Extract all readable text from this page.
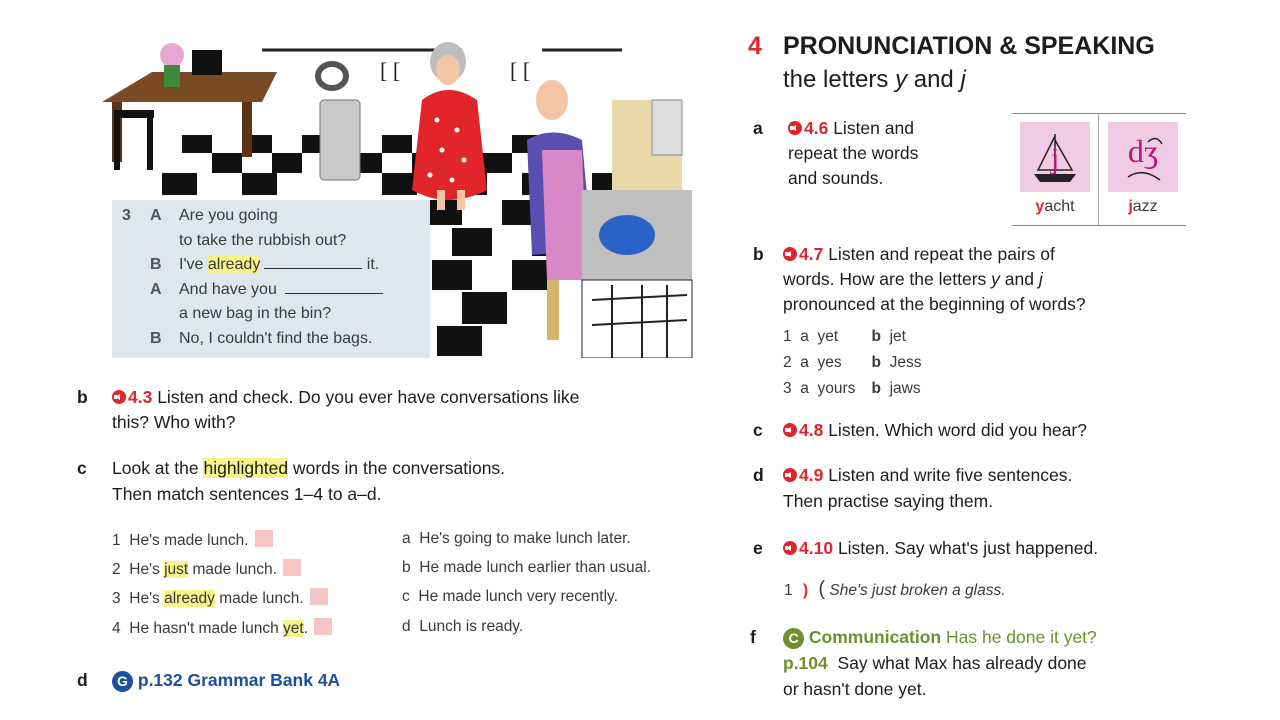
[ [	[ [
3 A Are you going
to take the rubbish out?
B I've already	it.
A And have you
a new bag in the bin?
B No, I couldn't find the bags.
b	4.3 Listen and check. Do you ever have conversations like
this? Who with?
c Look at the highlighted words in the conversations.
Then match sentences 1–4 to a–d.
1 He's made lunch.
2 He's just made lunch.
3 He's already made lunch.
4 He hasn't made lunch yet.
a He's going to make lunch later.
b He made lunch earlier than usual.
c He made lunch very recently.
d Lunch is ready.
d	G p.132 Grammar Bank 4A
4 PRONUNCIATION & SPEAKING
the letters y and j
a	4.6 Listen and
repeat the words
and sounds.
j dʒ
yacht	jazz
b	4.7 Listen and repeat the pairs of
words. How are the letters y and j
pronounced at the beginning of words?
1 a yet b jet
2 a yes b Jess
3 a yours b jaws
c	4.8 Listen. Which word did you hear?
d	4.9 Listen and write five sentences.
Then practise saying them.
e	4.10 Listen. Say what's just happened.
1 ) ( She's just broken a glass.
f	C Communication Has he done it yet?
p.104 Say what Max has already done
or hasn't done yet.
